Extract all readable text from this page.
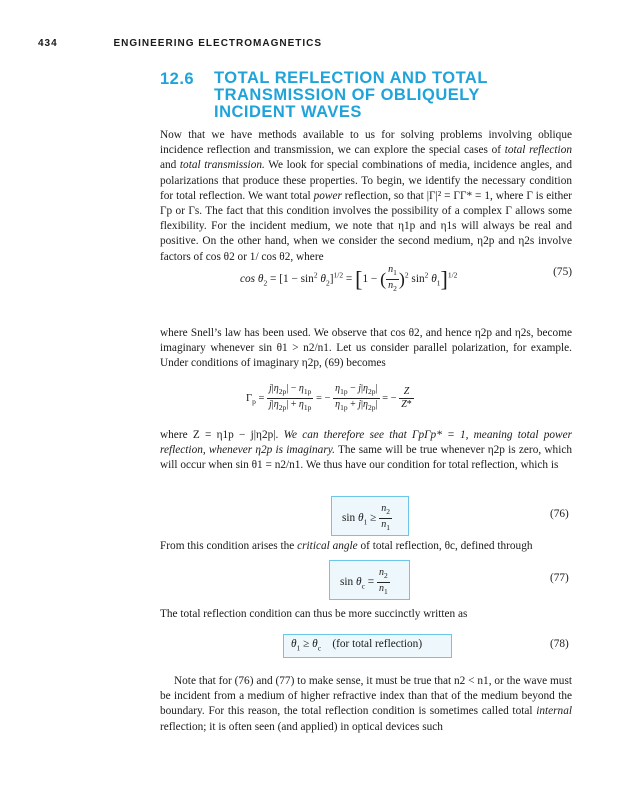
434	ENGINEERING ELECTROMAGNETICS
12.6 TOTAL REFLECTION AND TOTAL TRANSMISSION OF OBLIQUELY INCIDENT WAVES

Now that we have methods available to us for solving problems involving oblique incidence reflection and transmission, we can explore the special cases of total reflection and total transmission. We look for special combinations of media, incidence angles, and polarizations that produce these properties. To begin, we identify the necessary condition for total reflection. We want total power reflection, so that |Γ|² = ΓΓ* = 1, where Γ is either Γp or Γs. The fact that this condition involves the possibility of a complex Γ allows some flexibility. For the incident medium, we note that η1p and η1s will always be real and positive. On the other hand, when we consider the second medium, η2p and η2s involve factors of cos θ2 or 1/ cos θ2, where

$\cos \theta_2 = [1 - \sin^2 \theta_2]^{1/2} = [1$ − ( $\frac{n_1}{n_2} )^2$ $\sin^2 \theta_1]^{1/2}$	(75)

where Snell’s law has been used. We observe that cos θ2, and hence η2p and η2s, become imaginary whenever sin θ1 > n2/n1. Let us consider parallel polarization, for example. Under conditions of imaginary η2p, (69) becomes

$\Gamma_p = \frac{j|\eta_{2p}| - \eta_{1p}}{j|\eta_{2p}| + \eta_{1p}}$ = − $\frac{\eta_{1p} - j|\eta_{2p}|}{\eta_{1p} + j|\eta_{2p}|}$ = − $\frac{Z}{Z*}$

where Z = η1p − j|η2p|. We can therefore see that ΓpΓp* = 1, meaning total power reflection, whenever η2p is imaginary. The same will be true whenever η2p is zero, which will occur when sin θ1 = n2/n1. We thus have our condition for total reflection, which is

$\sin \theta_1 \ge \frac{n_2}{n_1}$	(76)

From this condition arises the critical angle of total reflection, θc, defined through

$\sin \theta_c = \frac{n_2}{n_1}$	(77)

The total reflection condition can thus be more succinctly written as

$\theta_1 \ge \theta_c$ (for total reflection)	(78)

Note that for (76) and (77) to make sense, it must be true that n2 < n1, or the wave must be incident from a medium of higher refractive index than that of the medium beyond the boundary. For this reason, the total reflection condition is sometimes called total internal reflection; it is often seen (and applied) in optical devices such
